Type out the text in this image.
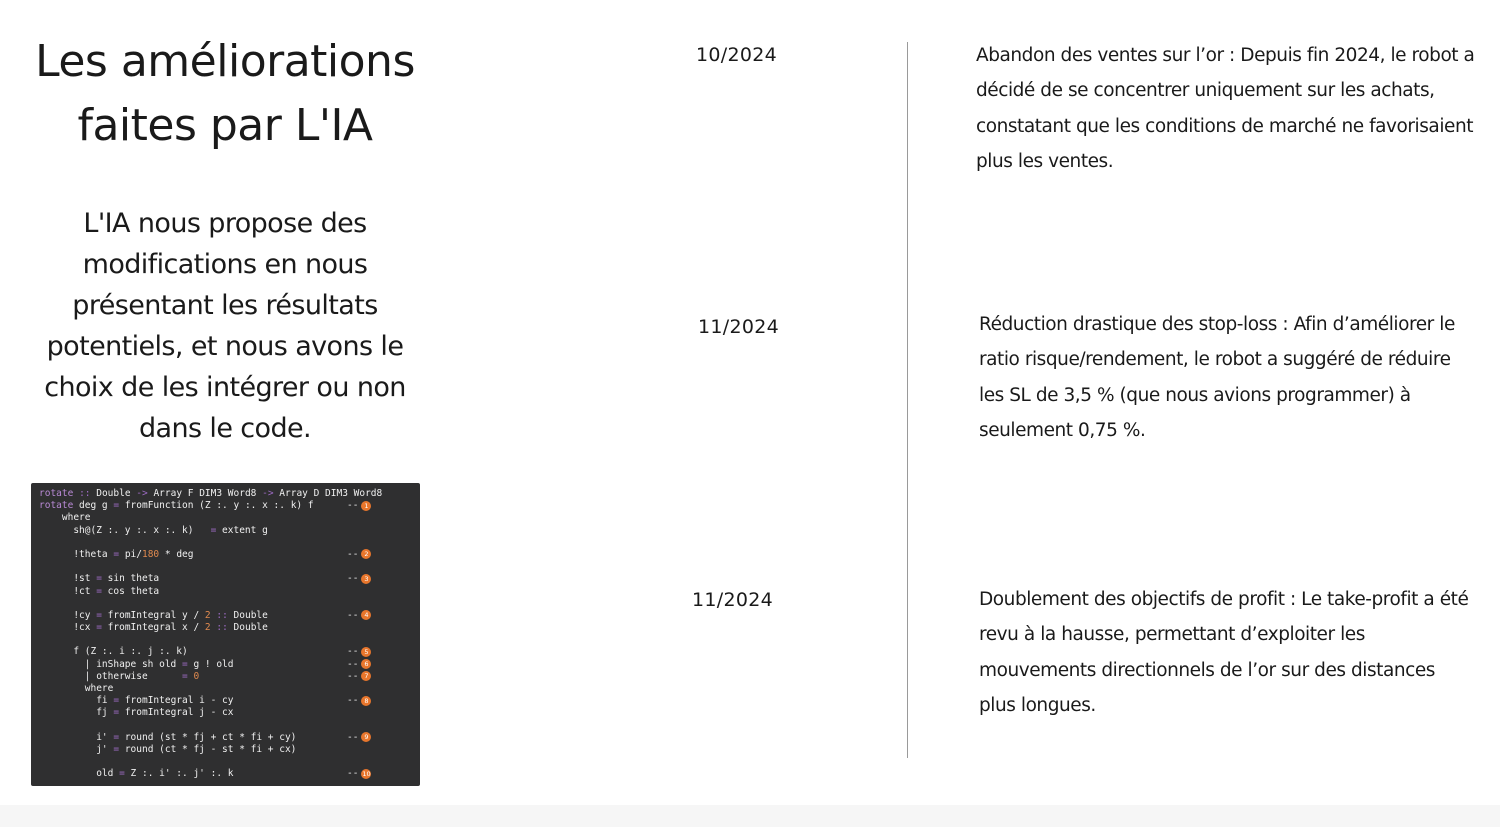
Les améliorations faites par L'IA

L'IA nous propose des modifications en nous présentant les résultats potentiels, et nous avons le choix de les intégrer ou non dans le code.

rotate :: Double -> Array F DIM3 Word8 -> Array D DIM3 Word8
rotate deg g = fromFunction (Z :. y :. x :. k) f	-- 1
where
sh@(Z :. y :. x :. k)   = extent g
!theta = pi/180 * deg	-- 2
!st = sin theta	-- 3
!ct = cos theta
!cy = fromIntegral y / 2 :: Double	-- 4
!cx = fromIntegral x / 2 :: Double
f (Z :. i :. j :. k)	-- 5
| inShape sh old = g ! old	-- 6
| otherwise      = 0	-- 7
where
fi = fromIntegral i - cy	-- 8
fj = fromIntegral j - cx
i' = round (st * fj + ct * fi + cy)	-- 9
j' = round (ct * fj - st * fi + cx)
old = Z :. i' :. j' :. k	-- 10
10/2024	Abandon des ventes sur l’or : Depuis fin 2024, le robot a décidé de se concentrer uniquement sur les achats, constatant que les conditions de marché ne favorisaient plus les ventes.

11/2024	Réduction drastique des stop-loss : Afin d’améliorer le ratio risque/rendement, le robot a suggéré de réduire les SL de 3,5 % (que nous avions programmer) à seulement 0,75 %.

11/2024	Doublement des objectifs de profit : Le take-profit a été revu à la hausse, permettant d’exploiter les mouvements directionnels de l’or sur des distances plus longues.
